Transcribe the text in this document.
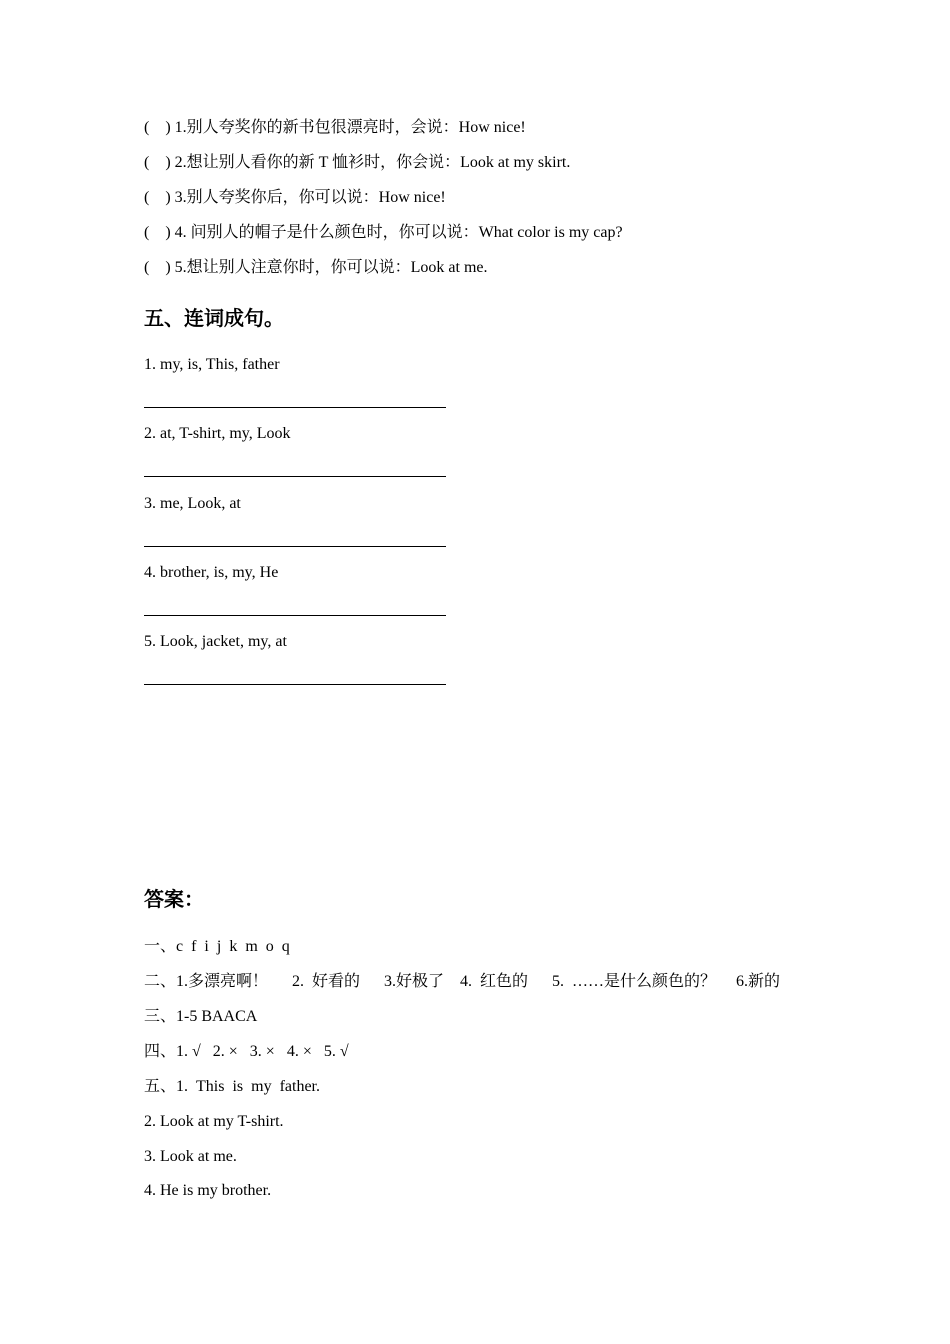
(    ) 1.别人夸奖你的新书包很漂亮时，会说：How nice!
(    ) 2.想让别人看你的新 T 恤衫时，你会说：Look at my skirt.
(    ) 3.别人夸奖你后，你可以说：How nice!
(    ) 4. 问别人的帽子是什么颜色时，你可以说：What color is my cap?
(    ) 5.想让别人注意你时，你可以说：Look at me.
五、连词成句。
1. my, is, This, father
2. at, T-shirt, my, Look
3. me, Look, at
4. brother, is, my, He
5. Look, jacket, my, at
答案：
一、c  f  i  j  k  m  o  q
二、1.多漂亮啊！      2.  好看的      3.好极了    4.  红色的      5.  ……是什么颜色的？     6.新的
三、1-5 BAACA
四、1. √   2. ×   3. ×   4. ×   5. √
五、1.  This  is  my  father.
2. Look at my T-shirt.
3. Look at me.
4. He is my brother.
